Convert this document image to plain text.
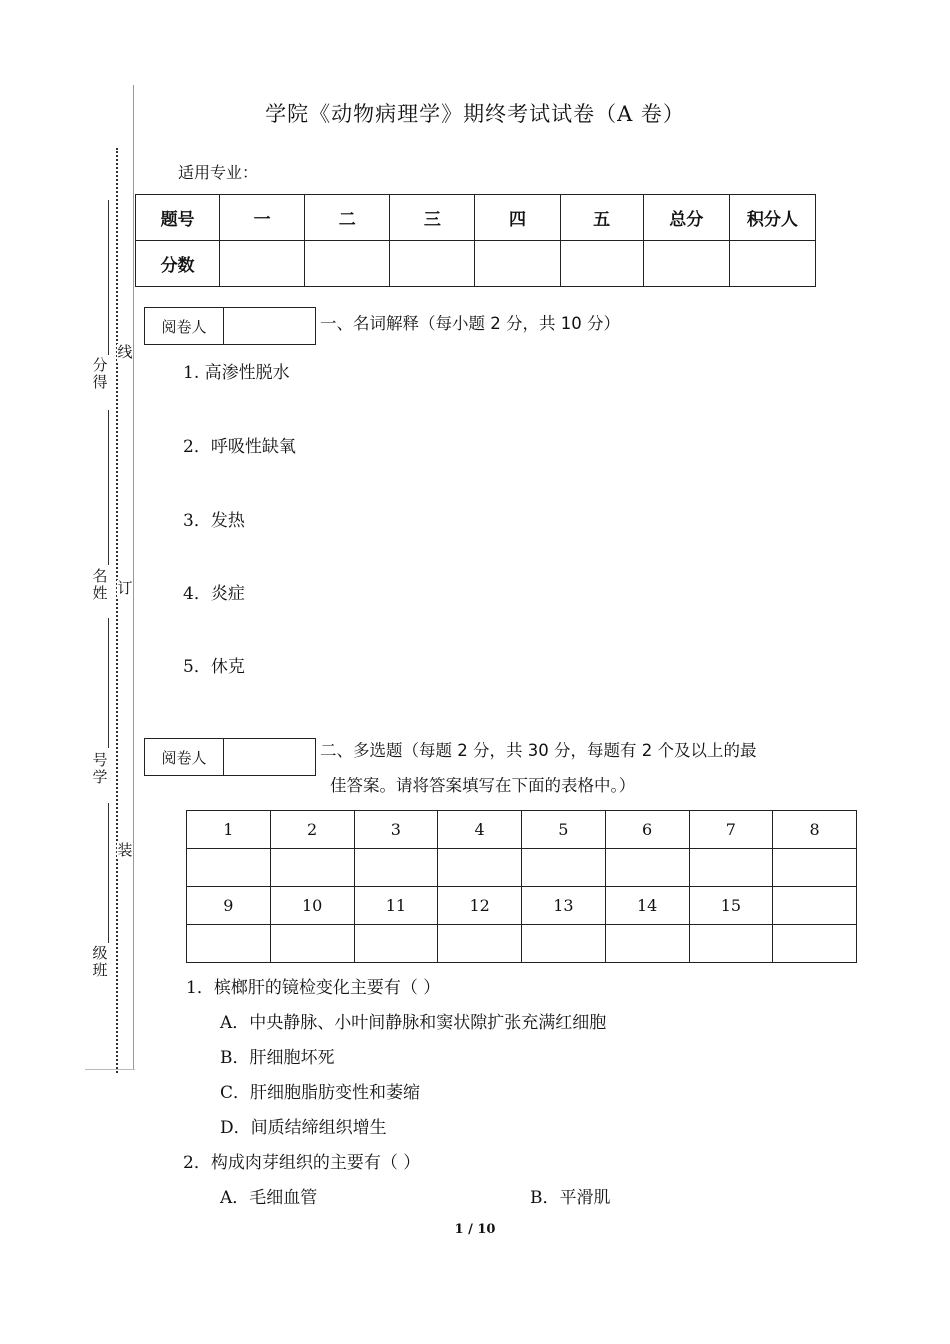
分
得
名
姓
号
学
级
班
线
订
装
学院《动物病理学》期终考试试卷（A 卷）
适用专业：
题号	一	二	三	四	五	总分	积分人
分数							
阅卷人	一、名词解释（每小题 2 分，共 10 分）
1. 高渗性脱水
2．呼吸性缺氧
3．发热
4．炎症
5．休克
阅卷人	二、多选题（每题 2 分，共 30 分，每题有 2 个及以上的最
佳答案。请将答案填写在下面的表格中。）
1	2	3	4	5	6	7	8

9	10	11	12	13	14	15	

1．槟榔肝的镜检变化主要有（ ）
A．中央静脉、小叶间静脉和窦状隙扩张充满红细胞
B．肝细胞坏死
C．肝细胞脂肪变性和萎缩
D．间质结缔组织增生
2．构成肉芽组织的主要有（ ）
A．毛细血管	B．平滑肌
1 / 10
